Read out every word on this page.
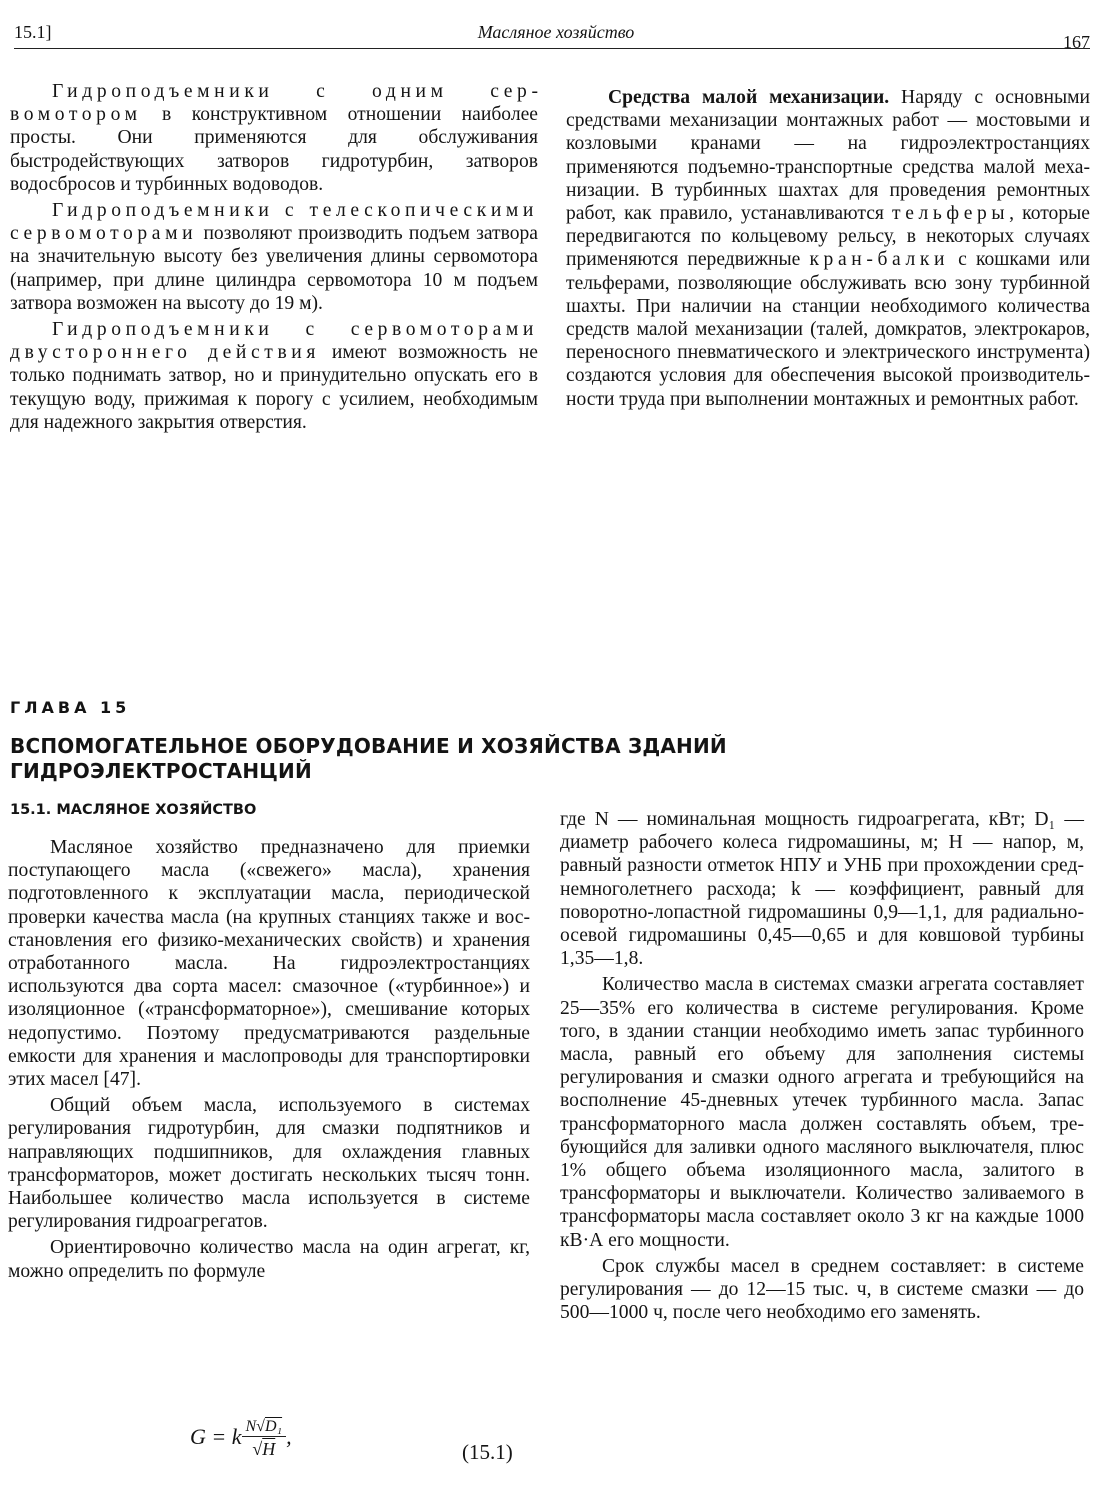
15.1]	Масляное хозяйство	167

Гидроподъемники с одним сервомотором в конструктивном отношении наиболее просты. Они применяются для обслуживания быстродействующих затворов гидротурбин, затворов водосбросов и турбинных водоводов.

Гидроподъемники с телескопическими сервомоторами позволяют производить подъем затвора на значительную высоту без увеличения длины сервомотора (например, при длине цилиндра сервомотора 10 м подъем затвора возможен на высоту до 19 м).

Гидроподъемники с сервомоторами двустороннего действия имеют возможность не только поднимать затвор, но и принудительно опускать его в текущую воду, прижимая к порогу с усилием, необходимым для надежного закрытия отверстия.

Средства малой механизации. Наряду с основными средствами механизации монтажных работ — мостовыми и козловыми кранами — на гидроэлектростанциях применяются подъемно-транспортные средства малой механизации. В турбинных шахтах для проведения ремонтных работ, как правило, устанавливаются тельферы, которые передвигаются по кольцевому рельсу, в некоторых случаях применяются передвижные кран-балки с кошками или тельферами, позволяющие обслуживать всю зону турбинной шахты. При наличии на станции необходимого количества средств малой механизации (талей, домкратов, электрокаров, переносного пневматического и электрического инструмента) создаются условия для обеспечения высокой производительности труда при выполнении монтажных и ремонтных работ.

ГЛАВА 15
ВСПОМОГАТЕЛЬНОЕ ОБОРУДОВАНИЕ И ХОЗЯЙСТВА ЗДАНИЙ
ГИДРОЭЛЕКТРОСТАНЦИЙ
15.1. МАСЛЯНОЕ ХОЗЯЙСТВО

Масляное хозяйство предназначено для приемки поступающего масла («свежего» масла), хранения подготовленного к эксплуатации масла, периодической проверки качества масла (на крупных станциях также и восстановления его физико-механических свойств) и хранения отработанного масла. На гидроэлектростанциях используются два сорта масел: смазочное («турбинное») и изоляционное («трансформаторное»), смешивание которых недопустимо. Поэтому предусматриваются раздельные емкости для хранения и маслопроводы для транспортировки этих масел [47].

Общий объем масла, используемого в системах регулирования гидротурбин, для смазки подпятников и направляющих подшипников, для охлаждения главных трансформаторов, может достигать нескольких тысяч тонн. Наибольшее количество масла используется в системе регулирования гидроагрегатов.

Ориентировочно количество масла на один агрегат, кг, можно определить по формуле

G = k $\frac{\text{N√D₁}}{√H}$ ,
(15.1)

где N — номинальная мощность гидроагрегата, кВт; D₁ — диаметр рабочего колеса гидромашины, м; H — напор, м, равный разности отметок НПУ и УНБ при прохождении среднемноголетнего расхода; k — коэффициент, равный для поворотно-лопастной гидромашины 0,9—1,1, для радиально-осевой гидромашины 0,45—0,65 и для ковшовой турбины 1,35—1,8.

Количество масла в системах смазки агрегата составляет 25—35% его количества в системе регулирования. Кроме того, в здании станции необходимо иметь запас турбинного масла, равный его объему для заполнения системы регулирования и смазки одного агрегата и требующийся на восполнение 45-дневных утечек турбинного масла. Запас трансформаторного масла должен составлять объем, требующийся для заливки одного масляного выключателя, плюс 1% общего объема изоляционного масла, залитого в трансформаторы и выключатели. Количество заливаемого в трансформаторы масла составляет около 3 кг на каждые 1000 кВ·А его мощности.

Срок службы масел в среднем составляет: в системе регулирования — до 12—15 тыс. ч, в системе смазки — до 500—1000 ч, после чего необходимо его заменять.
